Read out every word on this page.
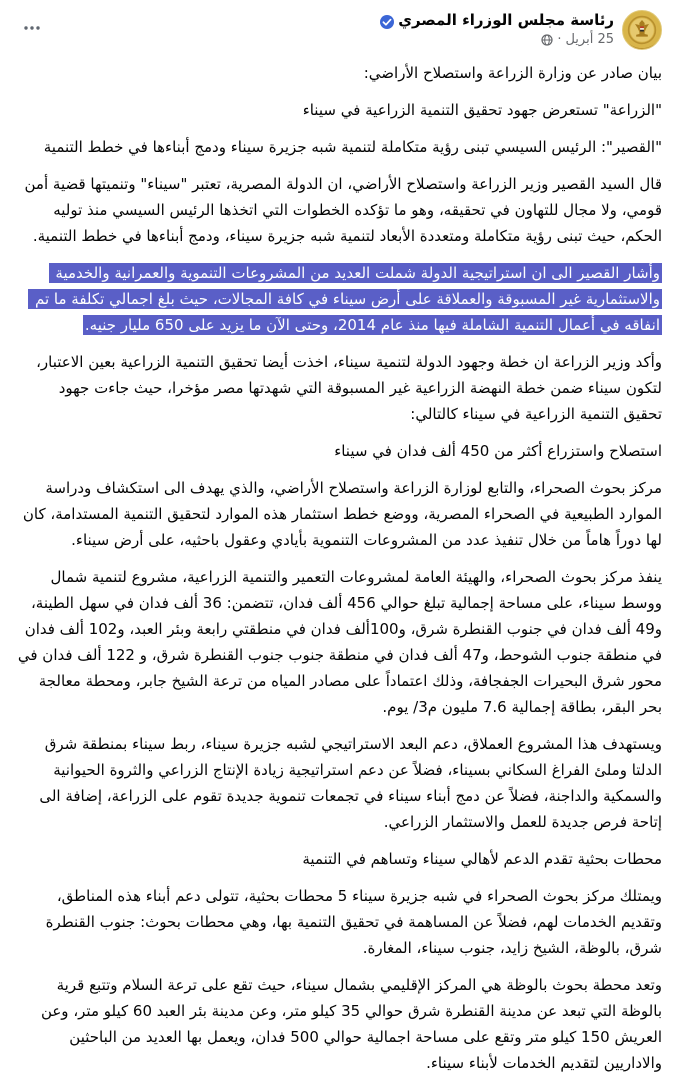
رئاسة مجلس الوزراء المصري
25 أبريل
·

بيان صادر عن وزارة الزراعة واستصلاح الأراضي:

"الزراعة" تستعرض جهود تحقيق التنمية الزراعية في سيناء

"القصير": الرئيس السيسي تبنى رؤية متكاملة لتنمية شبه جزيرة سيناء ودمج أبناءها في خطط التنمية

قال السيد القصير وزير الزراعة واستصلاح الأراضي، ان الدولة المصرية، تعتبر "سيناء" وتنميتها قضية أمن قومي، ولا مجال للتهاون في تحقيقه، وهو ما تؤكده الخطوات التي اتخذها الرئيس السيسي منذ توليه الحكم، حيث تبنى رؤية متكاملة ومتعددة الأبعاد لتنمية شبه جزيرة سيناء، ودمج أبناءها في خطط التنمية.

وأشار القصير الى ان استراتيجية الدولة شملت العديد من المشروعات التنموية والعمرانية والخدمية والاستثمارية غير المسبوقة والعملاقة على أرض سيناء في كافة المجالات، حيث بلغ اجمالي تكلفة ما تم انفاقه في أعمال التنمية الشاملة فيها منذ عام 2014، وحتى الآن ما يزيد على 650 مليار جنيه.

وأكد وزير الزراعة ان خطة وجهود الدولة لتنمية سيناء، اخذت أيضا تحقيق التنمية الزراعية بعين الاعتبار، لتكون سيناء ضمن خطة النهضة الزراعية غير المسبوقة التي شهدتها مصر مؤخرا، حيث جاءت جهود تحقيق التنمية الزراعية في سيناء كالتالي:

استصلاح واستزراع أكثر من 450 ألف فدان في سيناء

مركز بحوث الصحراء، والتابع لوزارة الزراعة واستصلاح الأراضي، والذي يهدف الى استكشاف ودراسة الموارد الطبيعية في الصحراء المصرية، ووضع خطط استثمار هذه الموارد لتحقيق التنمية المستدامة، كان لها دوراً هاماً من خلال تنفيذ عدد من المشروعات التنموية بأيادي وعقول باحثيه، على أرض سيناء.

ينفذ مركز بحوث الصحراء، والهيئة العامة لمشروعات التعمير والتنمية الزراعية، مشروع لتنمية شمال ووسط سيناء، على مساحة إجمالية تبلغ حوالي 456 ألف فدان، تتضمن: 36 ألف فدان في سهل الطينة، و49 ألف فدان في جنوب القنطرة شرق، و100ألف فدان في منطقتي رابعة وبئر العبد، و102 ألف فدان في منطقة جنوب الشوحط، و47 ألف فدان في منطقة جنوب جنوب القنطرة شرق، و 122 ألف فدان في محور شرق البحيرات الجفجافة، وذلك اعتماداً على مصادر المياه من ترعة الشيخ جابر، ومحطة معالجة بحر البقر، بطاقة إجمالية 7.6 مليون م3/ يوم.

ويستهدف هذا المشروع العملاق، دعم البعد الاستراتيجي لشبه جزيرة سيناء، ربط سيناء بمنطقة شرق الدلتا وملئ الفراغ السكاني بسيناء، فضلاً عن دعم استراتيجية زيادة الإنتاج الزراعي والثروة الحيوانية والسمكية والداجنة، فضلاً عن دمج أبناء سيناء في تجمعات تنموية جديدة تقوم على الزراعة، إضافة الى إتاحة فرص جديدة للعمل والاستثمار الزراعي.

محطات بحثية تقدم الدعم لأهالي سيناء وتساهم في التنمية

ويمتلك مركز بحوث الصحراء في شبه جزيرة سيناء 5 محطات بحثية، تتولى دعم أبناء هذه المناطق، وتقديم الخدمات لهم، فضلاً عن المساهمة في تحقيق التنمية بها، وهي محطات بحوث: جنوب القنطرة شرق، بالوظة، الشيخ زايد، جنوب سيناء، المغارة.

وتعد محطة بحوث بالوظة هي المركز الإقليمي بشمال سيناء، حيث تقع على ترعة السلام وتتبع قرية بالوظة التي تبعد عن مدينة القنطرة شرق حوالي 35 كيلو متر، وعن مدينة بئر العبد 60 كيلو متر، وعن العريش 150 كيلو متر وتقع على مساحة اجمالية حوالي 500 فدان، ويعمل بها العديد من الباحثين والاداريين لتقديم الخدمات لأبناء سيناء.
